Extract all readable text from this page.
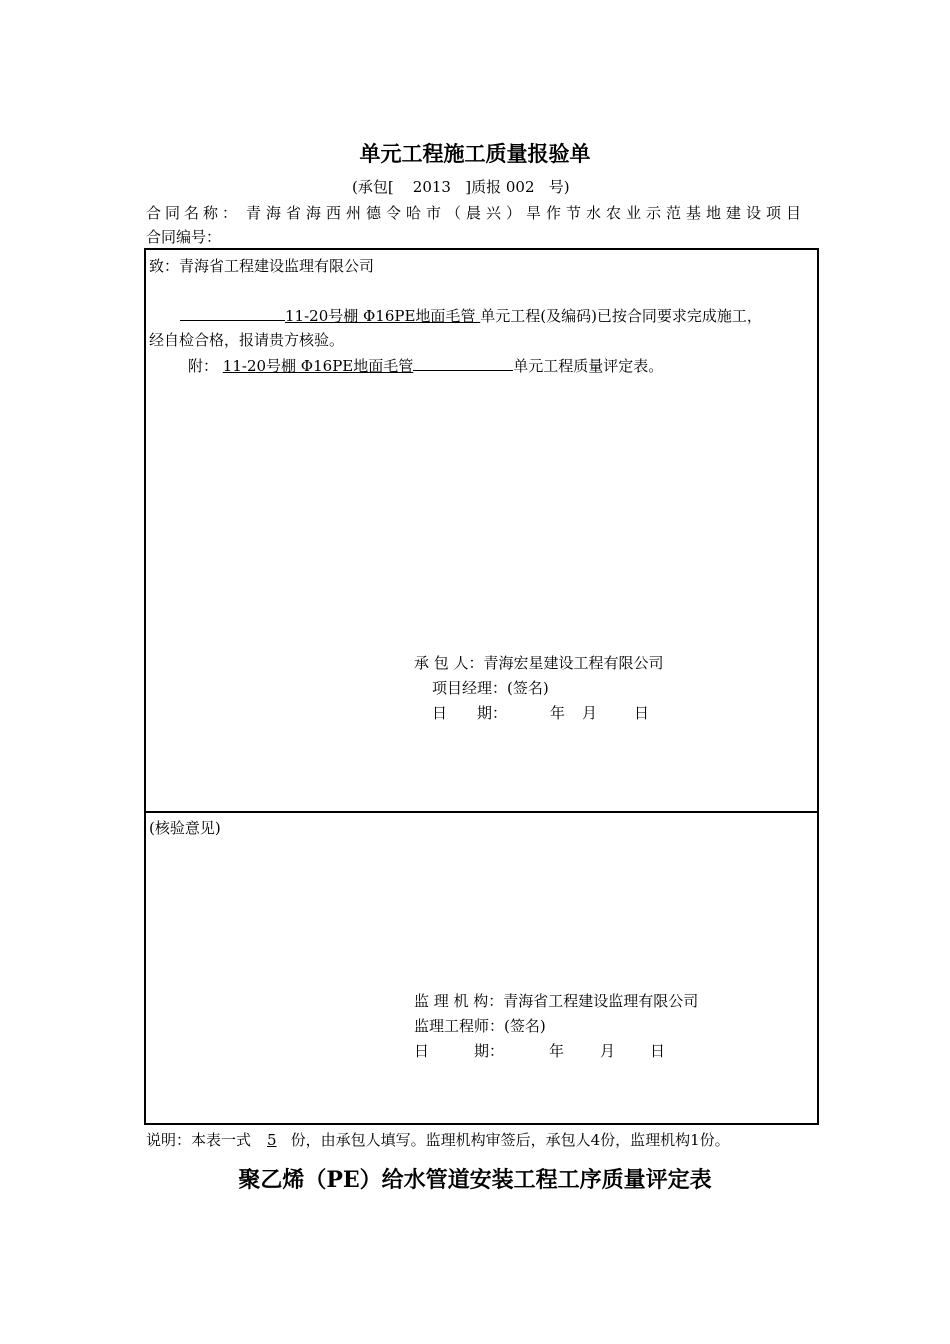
单元工程施工质量报验单
(承包[    2013   ]质报 002   号)
合同名称： 青海省海西州德令哈市（晨兴）旱作节水农业示范基地建设项目
合同编号：
致：青海省工程建设监理有限公司
11-20号棚 Φ16PE地面毛管 单元工程(及编码)已按合同要求完成施工，
经自检合格，报请贵方核验。
附： 11-20号棚 Φ16PE地面毛管	单元工程质量评定表。
承 包 人：青海宏星建设工程有限公司
项目经理：(签名)
日　　期：	年 月 日
(核验意见)
监 理 机 构：青海省工程建设监理有限公司
监理工程师：(签名)
日　　　期：	年 月 日
说明：本表一式 5 份，由承包人填写。监理机构审签后，承包人4份，监理机构1份。
聚乙烯（PE）给水管道安装工程工序质量评定表
